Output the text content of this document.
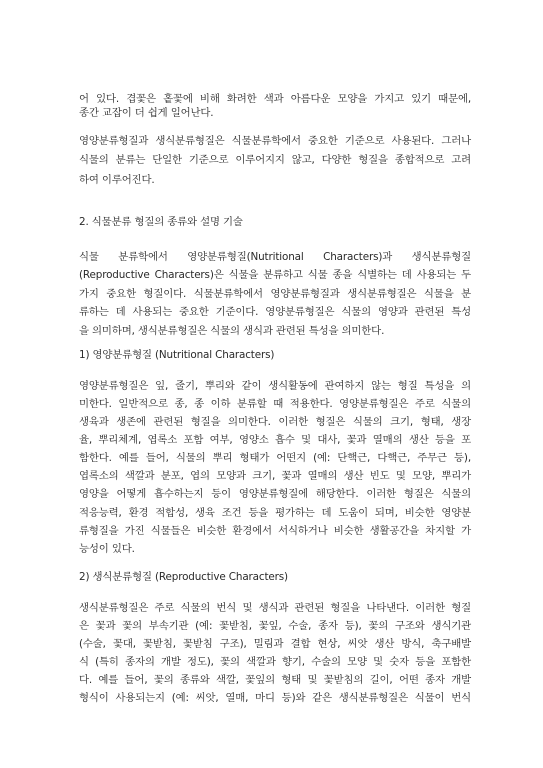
어 있다. 겹꽃은 홑꽃에 비해 화려한 색과 아름다운 모양을 가지고 있기 때문에,
종간 교잡이 더 쉽게 일어난다.
영양분류형질과 생식분류형질은 식물분류학에서 중요한 기준으로 사용된다. 그러나
식물의 분류는 단일한 기준으로 이루어지지 않고, 다양한 형질을 종합적으로 고려
하여 이루어진다.
2. 식물분류 형질의 종류와 설명 기술
식물 분류학에서 영양분류형질(Nutritional Characters)과 생식분류형질
(Reproductive Characters)은 식물을 분류하고 식물 종을 식별하는 데 사용되는 두
가지 중요한 형질이다. 식물분류학에서 영양분류형질과 생식분류형질은 식물을 분
류하는 데 사용되는 중요한 기준이다. 영양분류형질은 식물의 영양과 관련된 특성
을 의미하며, 생식분류형질은 식물의 생식과 관련된 특성을 의미한다.
1) 영양분류형질 (Nutritional Characters)
영양분류형질은 잎, 줄기, 뿌리와 같이 생식활동에 관여하지 않는 형질 특성을 의
미한다. 일반적으로 종, 종 이하 분류할 때 적용한다. 영양분류형질은 주로 식물의
생육과 생존에 관련된 형질을 의미한다. 이러한 형질은 식물의 크기, 형태, 생장
율, 뿌리체계, 엽록소 포함 여부, 영양소 흡수 및 대사, 꽃과 열매의 생산 등을 포
함한다. 예를 들어, 식물의 뿌리 형태가 어떤지 (예: 단핵근, 다핵근, 주무근 등),
엽록소의 색깔과 분포, 엽의 모양과 크기, 꽃과 열매의 생산 빈도 및 모양, 뿌리가
영양을 어떻게 흡수하는지 등이 영양분류형질에 해당한다. 이러한 형질은 식물의
적응능력, 환경 적합성, 생육 조건 등을 평가하는 데 도움이 되며, 비슷한 영양분
류형질을 가진 식물들은 비슷한 환경에서 서식하거나 비슷한 생활공간을 차지할 가
능성이 있다.
2) 생식분류형질 (Reproductive Characters)
생식분류형질은 주로 식물의 번식 및 생식과 관련된 형질을 나타낸다. 이러한 형질
은 꽃과 꽃의 부속기관 (예: 꽃받침, 꽃잎, 수술, 종자 등), 꽃의 구조와 생식기관
(수술, 꽃대, 꽃받침, 꽃받침 구조), 밀림과 결합 현상, 씨앗 생산 방식, 축구배발
식 (특히 종자의 개발 정도), 꽃의 색깔과 향기, 수술의 모양 및 숫자 등을 포함한
다. 예를 들어, 꽃의 종류와 색깔, 꽃잎의 형태 및 꽃받침의 길이, 어떤 종자 개발
형식이 사용되는지 (예: 씨앗, 열매, 마디 등)와 같은 생식분류형질은 식물이 번식
